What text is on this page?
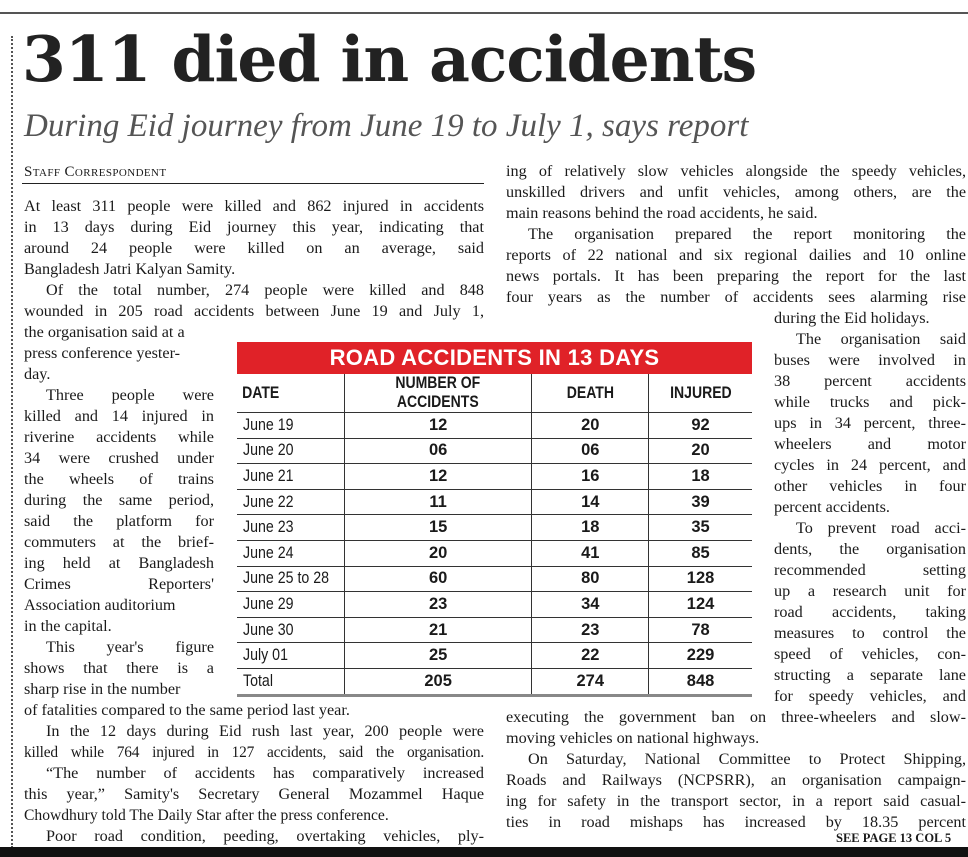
311 died in accidents
During Eid journey from June 19 to July 1, says report
Staff Correspondent
At least 311 people were killed and 862 injured in accidents
in 13 days during Eid journey this year, indicating that
around 24 people were killed on an average, said
Bangladesh Jatri Kalyan Samity.
Of the total number, 274 people were killed and 848
wounded in 205 road accidents between June 19 and July 1,
the organisation said at a
press conference yester-
day.
Three people were
killed and 14 injured in
riverine accidents while
34 were crushed under
the wheels of trains
during the same period,
said the platform for
commuters at the brief-
ing held at Bangladesh
Crimes Reporters'
Association auditorium
in the capital.
This year's figure
shows that there is a
sharp rise in the number
of fatalities compared to the same period last year.
In the 12 days during Eid rush last year, 200 people were
killed while 764 injured in 127 accidents, said the organisation.
“The number of accidents has comparatively increased
this year,” Samity's Secretary General Mozammel Haque
Chowdhury told The Daily Star after the press conference.
Poor road condition, peeding, overtaking vehicles, ply-
ing of relatively slow vehicles alongside the speedy vehicles,
unskilled drivers and unfit vehicles, among others, are the
main reasons behind the road accidents, he said.
The organisation prepared the report monitoring the
reports of 22 national and six regional dailies and 10 online
news portals. It has been preparing the report for the last
four years as the number of accidents sees alarming rise
during the Eid holidays.
The organisation said
buses were involved in
38 percent accidents
while trucks and pick-
ups in 34 percent, three-
wheelers and motor
cycles in 24 percent, and
other vehicles in four
percent accidents.
To prevent road acci-
dents, the organisation
recommended setting
up a research unit for
road accidents, taking
measures to control the
speed of vehicles, con-
structing a separate lane
for speedy vehicles, and
executing the government ban on three-wheelers and slow-
moving vehicles on national highways.
On Saturday, National Committee to Protect Shipping,
Roads and Railways (NCPSRR), an organisation campaign-
ing for safety in the transport sector, in a report said casual-
ties in road mishaps has increased by 18.35 percent
SEE PAGE 13 COL 5
ROAD ACCIDENTS IN 13 DAYS
DATE	NUMBER OF ACCIDENTS	DEATH	INJURED
June 19	12	20	92
June 20	06	06	20
June 21	12	16	18
June 22	11	14	39
June 23	15	18	35
June 24	20	41	85
June 25 to 28	60	80	128
June 29	23	34	124
June 30	21	23	78
July 01	25	22	229
Total	205	274	848
